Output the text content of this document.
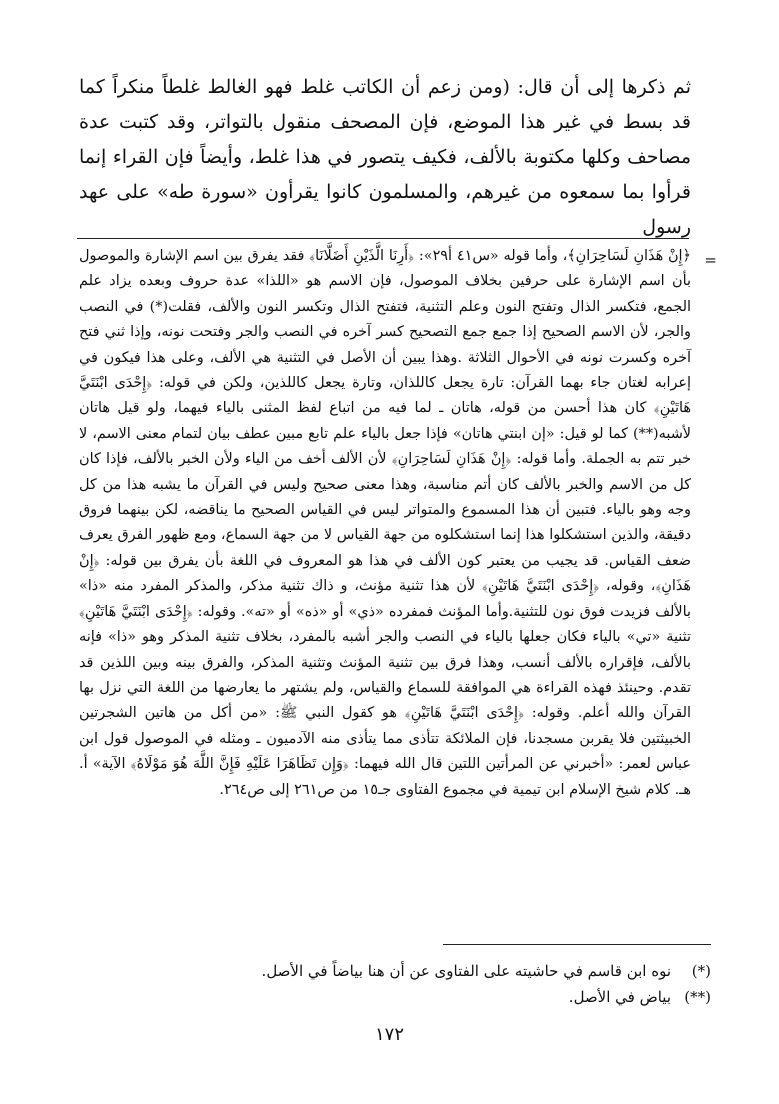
ثم ذكرها إلى أن قال: (ومن زعم أن الكاتب غلط فهو الغالط غلطاً منكراً كما قد بسط في غير هذا الموضع، فإن المصحف منقول بالتواتر، وقد كتبت عدة مصاحف وكلها مكتوبة بالألف، فكيف يتصور في هذا غلط، وأيضاً فإن القراء إنما قرأوا بما سمعوه من غيرهم، والمسلمون كانوا يقرأون «سورة طه» على عهد رسول

=

﴿إِنْ هَذَانِ لَسَاحِرَانِ﴾، وأما قوله «س٤١ أ٢٩»: ﴿أَرِنَا الَّذَيْنِ أَضَلَّانَا﴾ فقد يفرق بين اسم الإشارة والموصول بأن اسم الإشارة على حرفين بخلاف الموصول، فإن الاسم هو «اللذا» عدة حروف وبعده يزاد علم الجمع، فتكسر الذال وتفتح النون وعلم التثنية، فتفتح الذال وتكسر النون والألف، فقلت(*) في النصب والجر، لأن الاسم الصحيح إذا جمع جمع التصحيح كسر آخره في النصب والجر وفتحت نونه، وإذا ثني فتح آخره وكسرت نونه في الأحوال الثلاثة .وهذا يبين أن الأصل في التثنية هي الألف، وعلى هذا فيكون في إعرابه لغتان جاء بهما القرآن: تارة يجعل كاللذان، وتارة يجعل كاللذين، ولكن في قوله: ﴿إِحْدَى ابْنَتَيَّ هَاتَيْنِ﴾ كان هذا أحسن من قوله، هاتان ـ لما فيه من اتباع لفظ المثنى بالياء فيهما، ولو قيل هاتان لأشبه(**) كما لو قيل: «إن ابنتي هاتان» فإذا جعل بالياء علم تابع مبين عطف بيان لتمام معنى الاسم، لا خبر تتم به الجملة. وأما قوله: ﴿إِنْ هَذَانِ لَسَاحِرَانِ﴾ لأن الألف أخف من الياء ولأن الخبر بالألف، فإذا كان كل من الاسم والخبر بالألف كان أتم مناسبة، وهذا معنى صحيح وليس في القرآن ما يشبه هذا من كل وجه وهو بالياء. فتبين أن هذا المسموع والمتواتر ليس في القياس الصحيح ما يناقضه، لكن بينهما فروق دقيقة، والذين استشكلوا هذا إنما استشكلوه من جهة القياس لا من جهة السماع، ومع ظهور الفرق يعرف ضعف القياس. قد يجيب من يعتبر كون الألف في هذا هو المعروف في اللغة بأن يفرق بين قوله: ﴿إِنْ هَذَانِ﴾، وقوله، ﴿إِحْدَى ابْنَتَيَّ هَاتَيْنِ﴾ لأن هذا تثنية مؤنث، و ذاك تثنية مذكر، والمذكر المفرد منه «ذا» بالألف فزيدت فوق نون للتثنية.وأما المؤنث فمفرده «ذي» أو «ذه» أو «ته». وقوله: ﴿إِحْدَى ابْنَتَيَّ هَاتَيْنِ﴾ تثنية «تي» بالياء فكان جعلها بالياء في النصب والجر أشبه بالمفرد، بخلاف تثنية المذكر وهو «ذا» فإنه بالألف، فإقراره بالألف أنسب، وهذا فرق بين تثنية المؤنث وتثنية المذكر، والفرق بينه وبين اللذين قد تقدم. وحينئذ فهذه القراءة هي الموافقة للسماع والقياس، ولم يشتهر ما يعارضها من اللغة التي نزل بها القرآن والله أعلم. وقوله: ﴿إِحْدَى ابْنَتَيَّ هَاتَيْنِ﴾ هو كقول النبي ﷺ: «من أكل من هاتين الشجرتين الخبيثتين فلا يقربن مسجدنا، فإن الملائكة تتأذى مما يتأذى منه الآدميون ـ ومثله في الموصول قول ابن عباس لعمر: «أخبرني عن المرأتين اللتين قال الله فيهما: ﴿وَإِن تَظَاهَرَا عَلَيْهِ فَإِنَّ اللَّهَ هُوَ مَوْلَاهُ﴾ الآية» أ. هـ. كلام شيخ الإسلام ابن تيمية في مجموع الفتاوى جـ١٥ من ص٢٦١ إلى ص٢٦٤.

(*)
نوه ابن قاسم في حاشيته على الفتاوى عن أن هنا بياضاً في الأصل.
(**)
بياض في الأصل.
١٧٢
